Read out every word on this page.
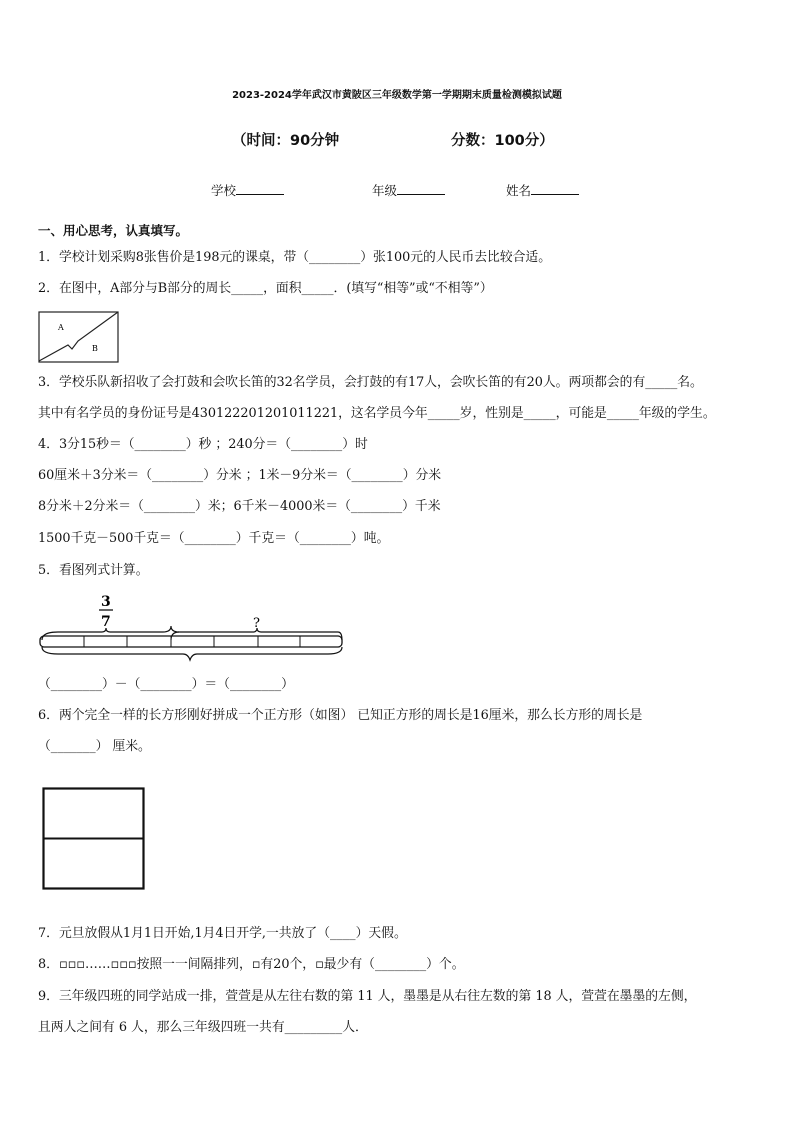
2023-2024学年武汉市黄陂区三年级数学第一学期期末质量检测模拟试题
（时间：90分钟	分数：100分）
学校	年级	姓名
一、用心思考，认真填写。
1．学校计划采购8张售价是198元的课桌，带（________）张100元的人民币去比较合适。
2．在图中，A部分与B部分的周长_____，面积_____．(填写“相等”或“不相等”）
A
B
3．学校乐队新招收了会打鼓和会吹长笛的32名学员，会打鼓的有17人，会吹长笛的有20人。两项都会的有_____名。
其中有名学员的身份证号是430122201201011221，这名学员今年_____岁，性别是_____，可能是_____年级的学生。
4．3分15秒＝（________）秒 ；240分＝（________）时
60厘米＋3分米＝（________）分米 ；1米－9分米＝（________）分米
8分米＋2分米＝（________）米；6千米－4000米＝（________）千米
1500千克－500千克＝（________）千克＝（________）吨。
5．看图列式计算。
3
7	?
（________）－（________）＝（________）
6．两个完全一样的长方形刚好拼成一个正方形（如图） 已知正方形的周长是16厘米，那么长方形的周长是
（_______） 厘米。
7．元旦放假从1月1日开始,1月4日开学,一共放了（____）天假。
8．▫▫▫……▫▫▫按照一一间隔排列，▫有20个，▫最少有（________）个。
9．三年级四班的同学站成一排，萱萱是从左往右数的第 11 人，墨墨是从右往左数的第 18 人，萱萱在墨墨的左侧，
且两人之间有 6 人，那么三年级四班一共有_________人．
